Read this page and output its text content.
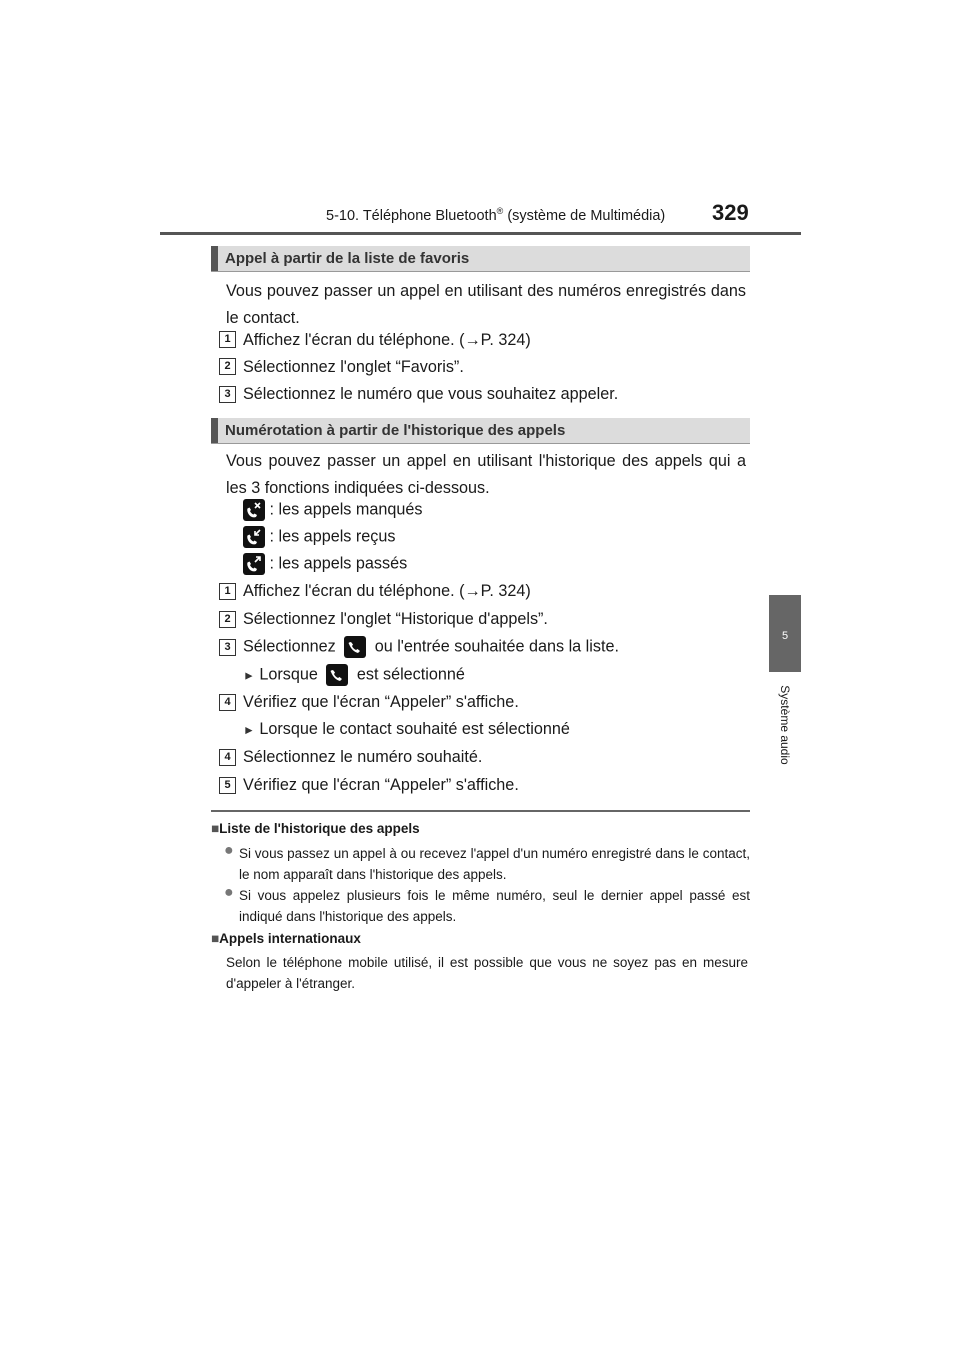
5-10. Téléphone Bluetooth® (système de Multimédia) 329
5
Système audio
Appel à partir de la liste de favoris
Vous pouvez passer un appel en utilisant des numéros enregistrés dans le contact.
1 Affichez l'écran du téléphone. (→P. 324)
2 Sélectionnez l'onglet “Favoris”.
3 Sélectionnez le numéro que vous souhaitez appeler.
Numérotation à partir de l'historique des appels
Vous pouvez passer un appel en utilisant l'historique des appels qui a les 3 fonctions indiquées ci-dessous.
: les appels manqués
: les appels reçus
: les appels passés
1 Affichez l'écran du téléphone. (→P. 324)
2 Sélectionnez l'onglet “Historique d'appels”.
3 Sélectionnez ou l'entrée souhaitée dans la liste.
► Lorsque est sélectionné
4 Vérifiez que l'écran “Appeler” s'affiche.
► Lorsque le contact souhaité est sélectionné
4 Sélectionnez le numéro souhaité.
5 Vérifiez que l'écran “Appeler” s'affiche.
■Liste de l'historique des appels
● Si vous passez un appel à ou recevez l'appel d'un numéro enregistré dans le contact, le nom apparaît dans l'historique des appels.
● Si vous appelez plusieurs fois le même numéro, seul le dernier appel passé est indiqué dans l'historique des appels.
■Appels internationaux
Selon le téléphone mobile utilisé, il est possible que vous ne soyez pas en mesure d'appeler à l'étranger.
